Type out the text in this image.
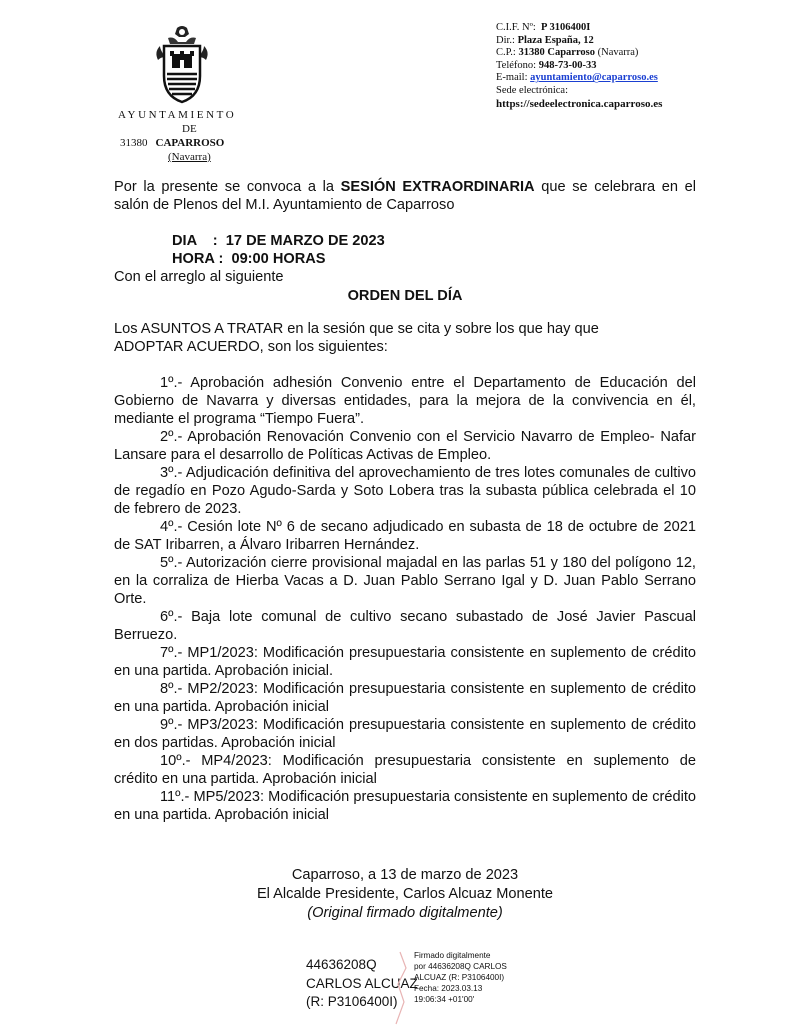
AYUNTAMIENTO
DE
31380 CAPARROSO
(Navarra)
C.I.F. Nº: P 3106400I
Dir.: Plaza España, 12
C.P.: 31380 Caparroso (Navarra)
Teléfono: 948-73-00-33
E-mail: ayuntamiento@caparroso.es
Sede electrónica:
https://sedeelectronica.caparroso.es
Por la presente se convoca a la SESIÓN EXTRAORDINARIA que se celebrara en el
salón de Plenos del M.I. Ayuntamiento de Caparroso
DIA    :  17 DE MARZO DE 2023
HORA :  09:00 HORAS
Con el arreglo al siguiente
ORDEN DEL DÍA
Los ASUNTOS A TRATAR en la sesión que se cita y sobre los que hay que
ADOPTAR ACUERDO, son los siguientes:

1º.- Aprobación adhesión Convenio entre el Departamento de Educación del Gobierno de Navarra y diversas entidades, para la mejora de la convivencia en él, mediante el programa “Tiempo Fuera”.

2º.- Aprobación Renovación Convenio con el Servicio Navarro de Empleo- Nafar Lansare para el desarrollo de Políticas Activas de Empleo.

3º.- Adjudicación definitiva del aprovechamiento de tres lotes comunales de cultivo de regadío en Pozo Agudo-Sarda y Soto Lobera tras la subasta pública celebrada el 10 de febrero de 2023.

4º.- Cesión lote Nº 6 de secano adjudicado en subasta de 18 de octubre de 2021 de SAT Iribarren, a Álvaro Iribarren Hernández.

5º.- Autorización cierre provisional majadal en las parlas 51 y 180 del polígono 12, en la corraliza de Hierba Vacas a D. Juan Pablo Serrano Igal y D. Juan Pablo Serrano Orte.

6º.- Baja lote comunal de cultivo secano subastado de José Javier Pascual Berruezo.

7º.- MP1/2023: Modificación presupuestaria consistente en suplemento de crédito en una partida. Aprobación inicial.

8º.- MP2/2023: Modificación presupuestaria consistente en suplemento de crédito en una partida. Aprobación inicial

9º.- MP3/2023: Modificación presupuestaria consistente en suplemento de crédito en dos partidas. Aprobación inicial

10º.- MP4/2023: Modificación presupuestaria consistente en suplemento de crédito en una partida. Aprobación inicial

11º.- MP5/2023: Modificación presupuestaria consistente en suplemento de crédito en una partida. Aprobación inicial

Caparroso, a 13 de marzo de 2023
El Alcalde Presidente, Carlos Alcuaz Monente
(Original firmado digitalmente)
44636208Q
CARLOS ALCUAZ
(R: P3106400I)
Firmado digitalmente
por 44636208Q CARLOS
ALCUAZ (R: P3106400I)
Fecha: 2023.03.13
19:06:34 +01'00'
